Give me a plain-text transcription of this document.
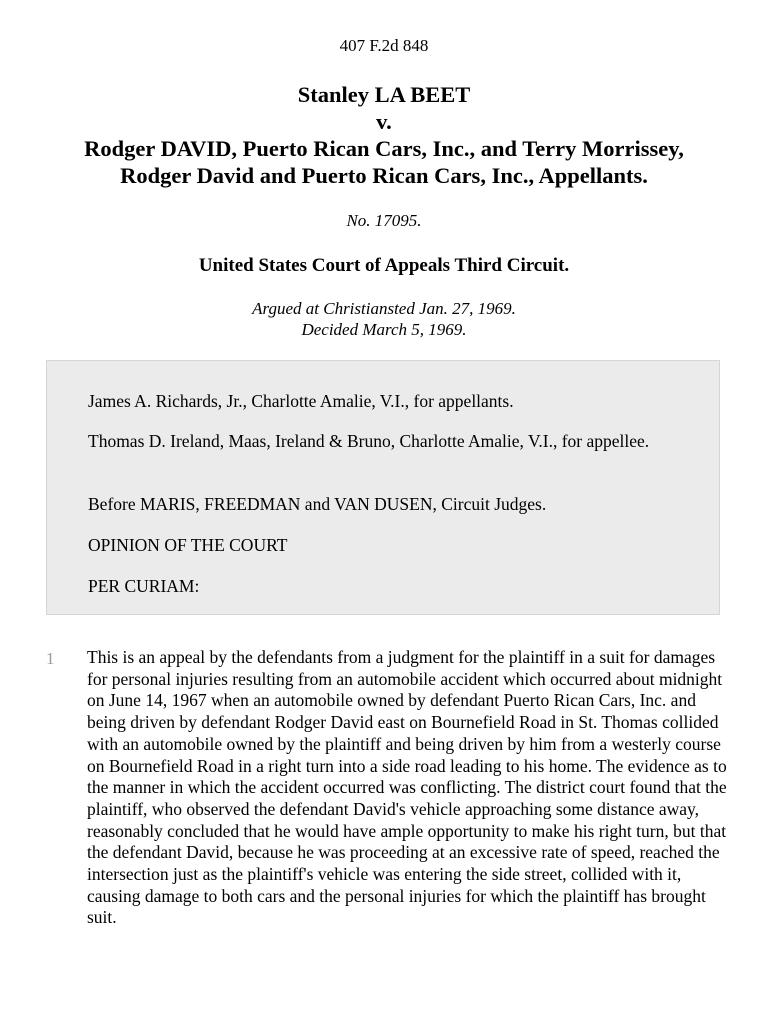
407 F.2d 848
Stanley LA BEET
v.
Rodger DAVID, Puerto Rican Cars, Inc., and Terry Morrissey,
Rodger David and Puerto Rican Cars, Inc., Appellants.
No. 17095.
United States Court of Appeals Third Circuit.
Argued at Christiansted Jan. 27, 1969.
Decided March 5, 1969.

James A. Richards, Jr., Charlotte Amalie, V.I., for appellants.

Thomas D. Ireland, Maas, Ireland & Bruno, Charlotte Amalie, V.I., for appellee.

Before MARIS, FREEDMAN and VAN DUSEN, Circuit Judges.

OPINION OF THE COURT

PER CURIAM:

1 This is an appeal by the defendants from a judgment for the plaintiff in a suit for damages for personal injuries resulting from an automobile accident which occurred about midnight on June 14, 1967 when an automobile owned by defendant Puerto Rican Cars, Inc. and being driven by defendant Rodger David east on Bournefield Road in St. Thomas collided with an automobile owned by the plaintiff and being driven by him from a westerly course on Bournefield Road in a right turn into a side road leading to his home. The evidence as to the manner in which the accident occurred was conflicting. The district court found that the plaintiff, who observed the defendant David's vehicle approaching some distance away, reasonably concluded that he would have ample opportunity to make his right turn, but that the defendant David, because he was proceeding at an excessive rate of speed, reached the intersection just as the plaintiff's vehicle was entering the side street, collided with it, causing damage to both cars and the personal injuries for which the plaintiff has brought suit.
